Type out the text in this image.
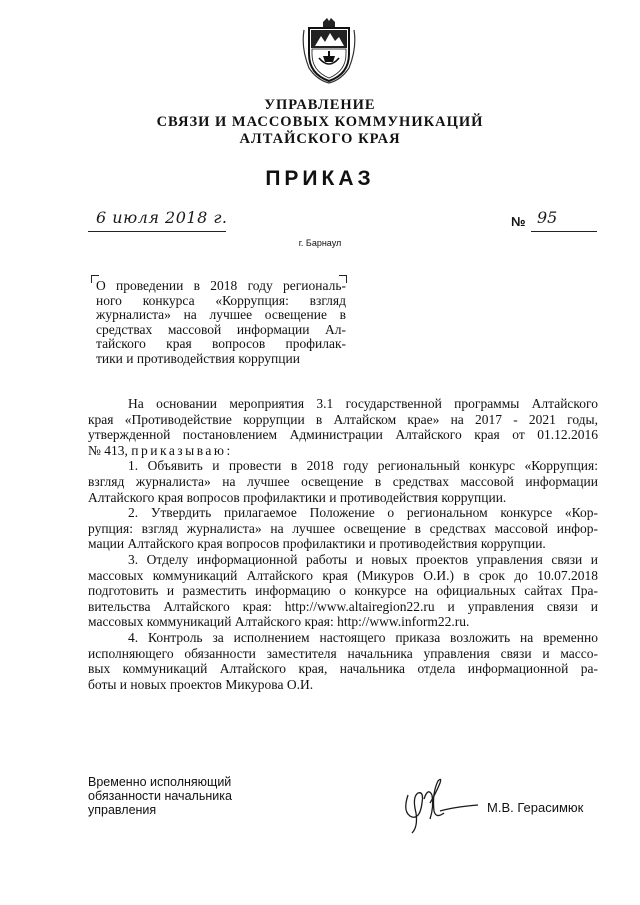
УПРАВЛЕНИЕ
СВЯЗИ И МАССОВЫХ КОММУНИКАЦИЙ
АЛТАЙСКОГО КРАЯ
ПРИКАЗ
6 июля 2018 г.	№ 95
г. Барнаул
О проведении в 2018 году региональ-
ного конкурса «Коррупция: взгляд
журналиста» на лучшее освещение в
средствах массовой информации Ал-
тайского края вопросов профилак-
тики и противодействия коррупции
На основании мероприятия 3.1 государственной программы Алтайского
края «Противодействие коррупции в Алтайском крае» на 2017 - 2021 годы,
утвержденной постановлением Администрации Алтайского края от 01.12.2016
№ 413, приказываю:
1. Объявить и провести в 2018 году региональный конкурс «Коррупция:
взгляд журналиста» на лучшее освещение в средствах массовой информации
Алтайского края вопросов профилактики и противодействия коррупции.
2. Утвердить прилагаемое Положение о региональном конкурсе «Кор-
рупция: взгляд журналиста» на лучшее освещение в средствах массовой инфор-
мации Алтайского края вопросов профилактики и противодействия коррупции.
3. Отделу информационной работы и новых проектов управления связи и
массовых коммуникаций Алтайского края (Микуров О.И.) в срок до 10.07.2018
подготовить и разместить информацию о конкурсе на официальных сайтах Пра-
вительства Алтайского края: http://www.altairegion22.ru и управления связи и
массовых коммуникаций Алтайского края: http://www.inform22.ru.
4. Контроль за исполнением настоящего приказа возложить на временно
исполняющего обязанности заместителя начальника управления связи и массо-
вых коммуникаций Алтайского края, начальника отдела информационной ра-
боты и новых проектов Микурова О.И.
Временно исполняющий
обязанности начальника
управления	М.В. Герасимюк
